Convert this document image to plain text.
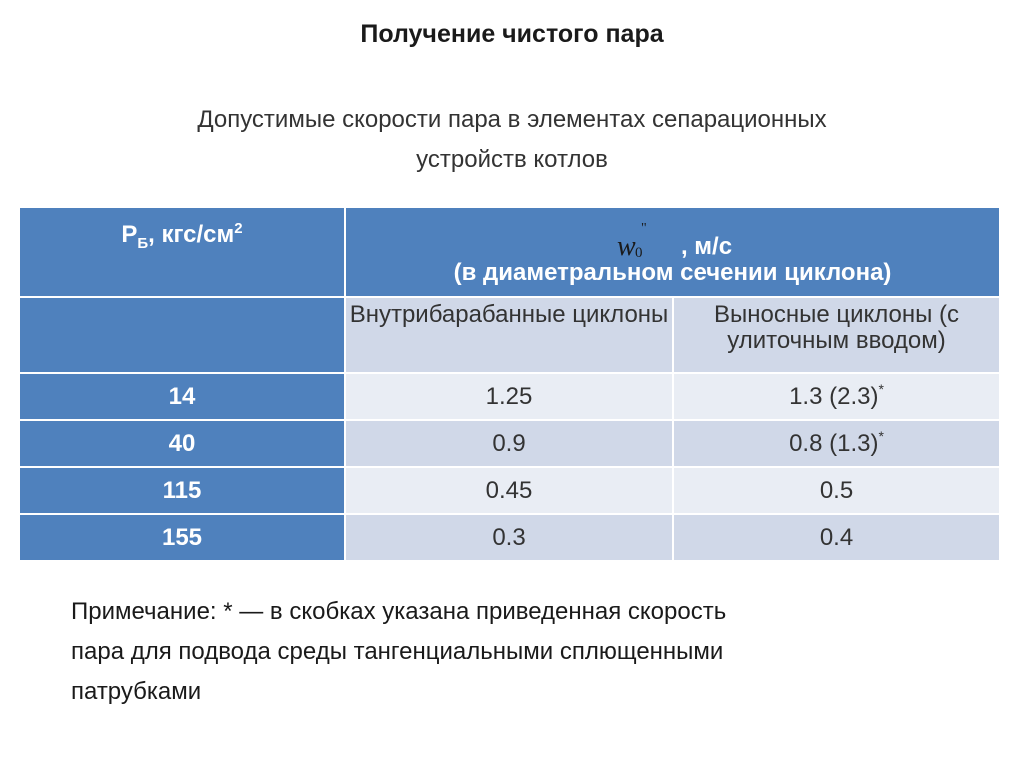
Получение чистого пара
Допустимые скорости пара в элементах сепарационных
устройств котлов
$P_Б$, кгс/$см^2$	w 0
"
, м/с
(в диаметральном сечении циклона)	

	Внутрибарабанные циклоны	Выносные циклоны (с улиточным вводом)
14	1.25	1.3 (2.3)*
40	0.9	0.8 (1.3)*
115	0.45	0.5
155	0.3	0.4
Примечание: * — в скобках указана приведенная скорость
пара для подвода среды тангенциальными сплющенными
патрубками
